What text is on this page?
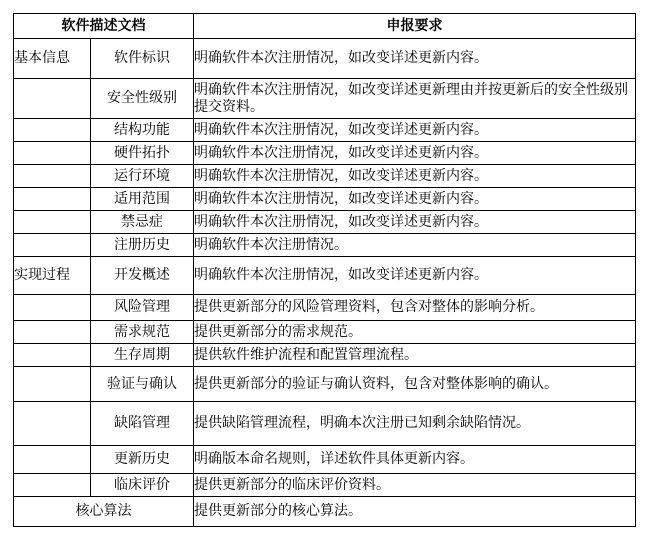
软件描述文档		申报要求
基本信息	软件标识	明确软件本次注册情况，如改变详述更新内容。
	安全性级别	明确软件本次注册情况，如改变详述更新理由并按更新后的安全性级别提交资料。
	结构功能	明确软件本次注册情况，如改变详述更新内容。
	硬件拓扑	明确软件本次注册情况，如改变详述更新内容。
	运行环境	明确软件本次注册情况，如改变详述更新内容。
	适用范围	明确软件本次注册情况，如改变详述更新内容。
	禁忌症	明确软件本次注册情况，如改变详述更新内容。
	注册历史	明确软件本次注册情况。
实现过程	开发概述	明确软件本次注册情况，如改变详述更新内容。
	风险管理	提供更新部分的风险管理资料，包含对整体的影响分析。
	需求规范	提供更新部分的需求规范。
	生存周期	提供软件维护流程和配置管理流程。
	验证与确认	提供更新部分的验证与确认资料，包含对整体影响的确认。
	缺陷管理	提供缺陷管理流程，明确本次注册已知剩余缺陷情况。
	更新历史	明确版本命名规则，详述软件具体更新内容。
	临床评价	提供更新部分的临床评价资料。
核心算法		提供更新部分的核心算法。
